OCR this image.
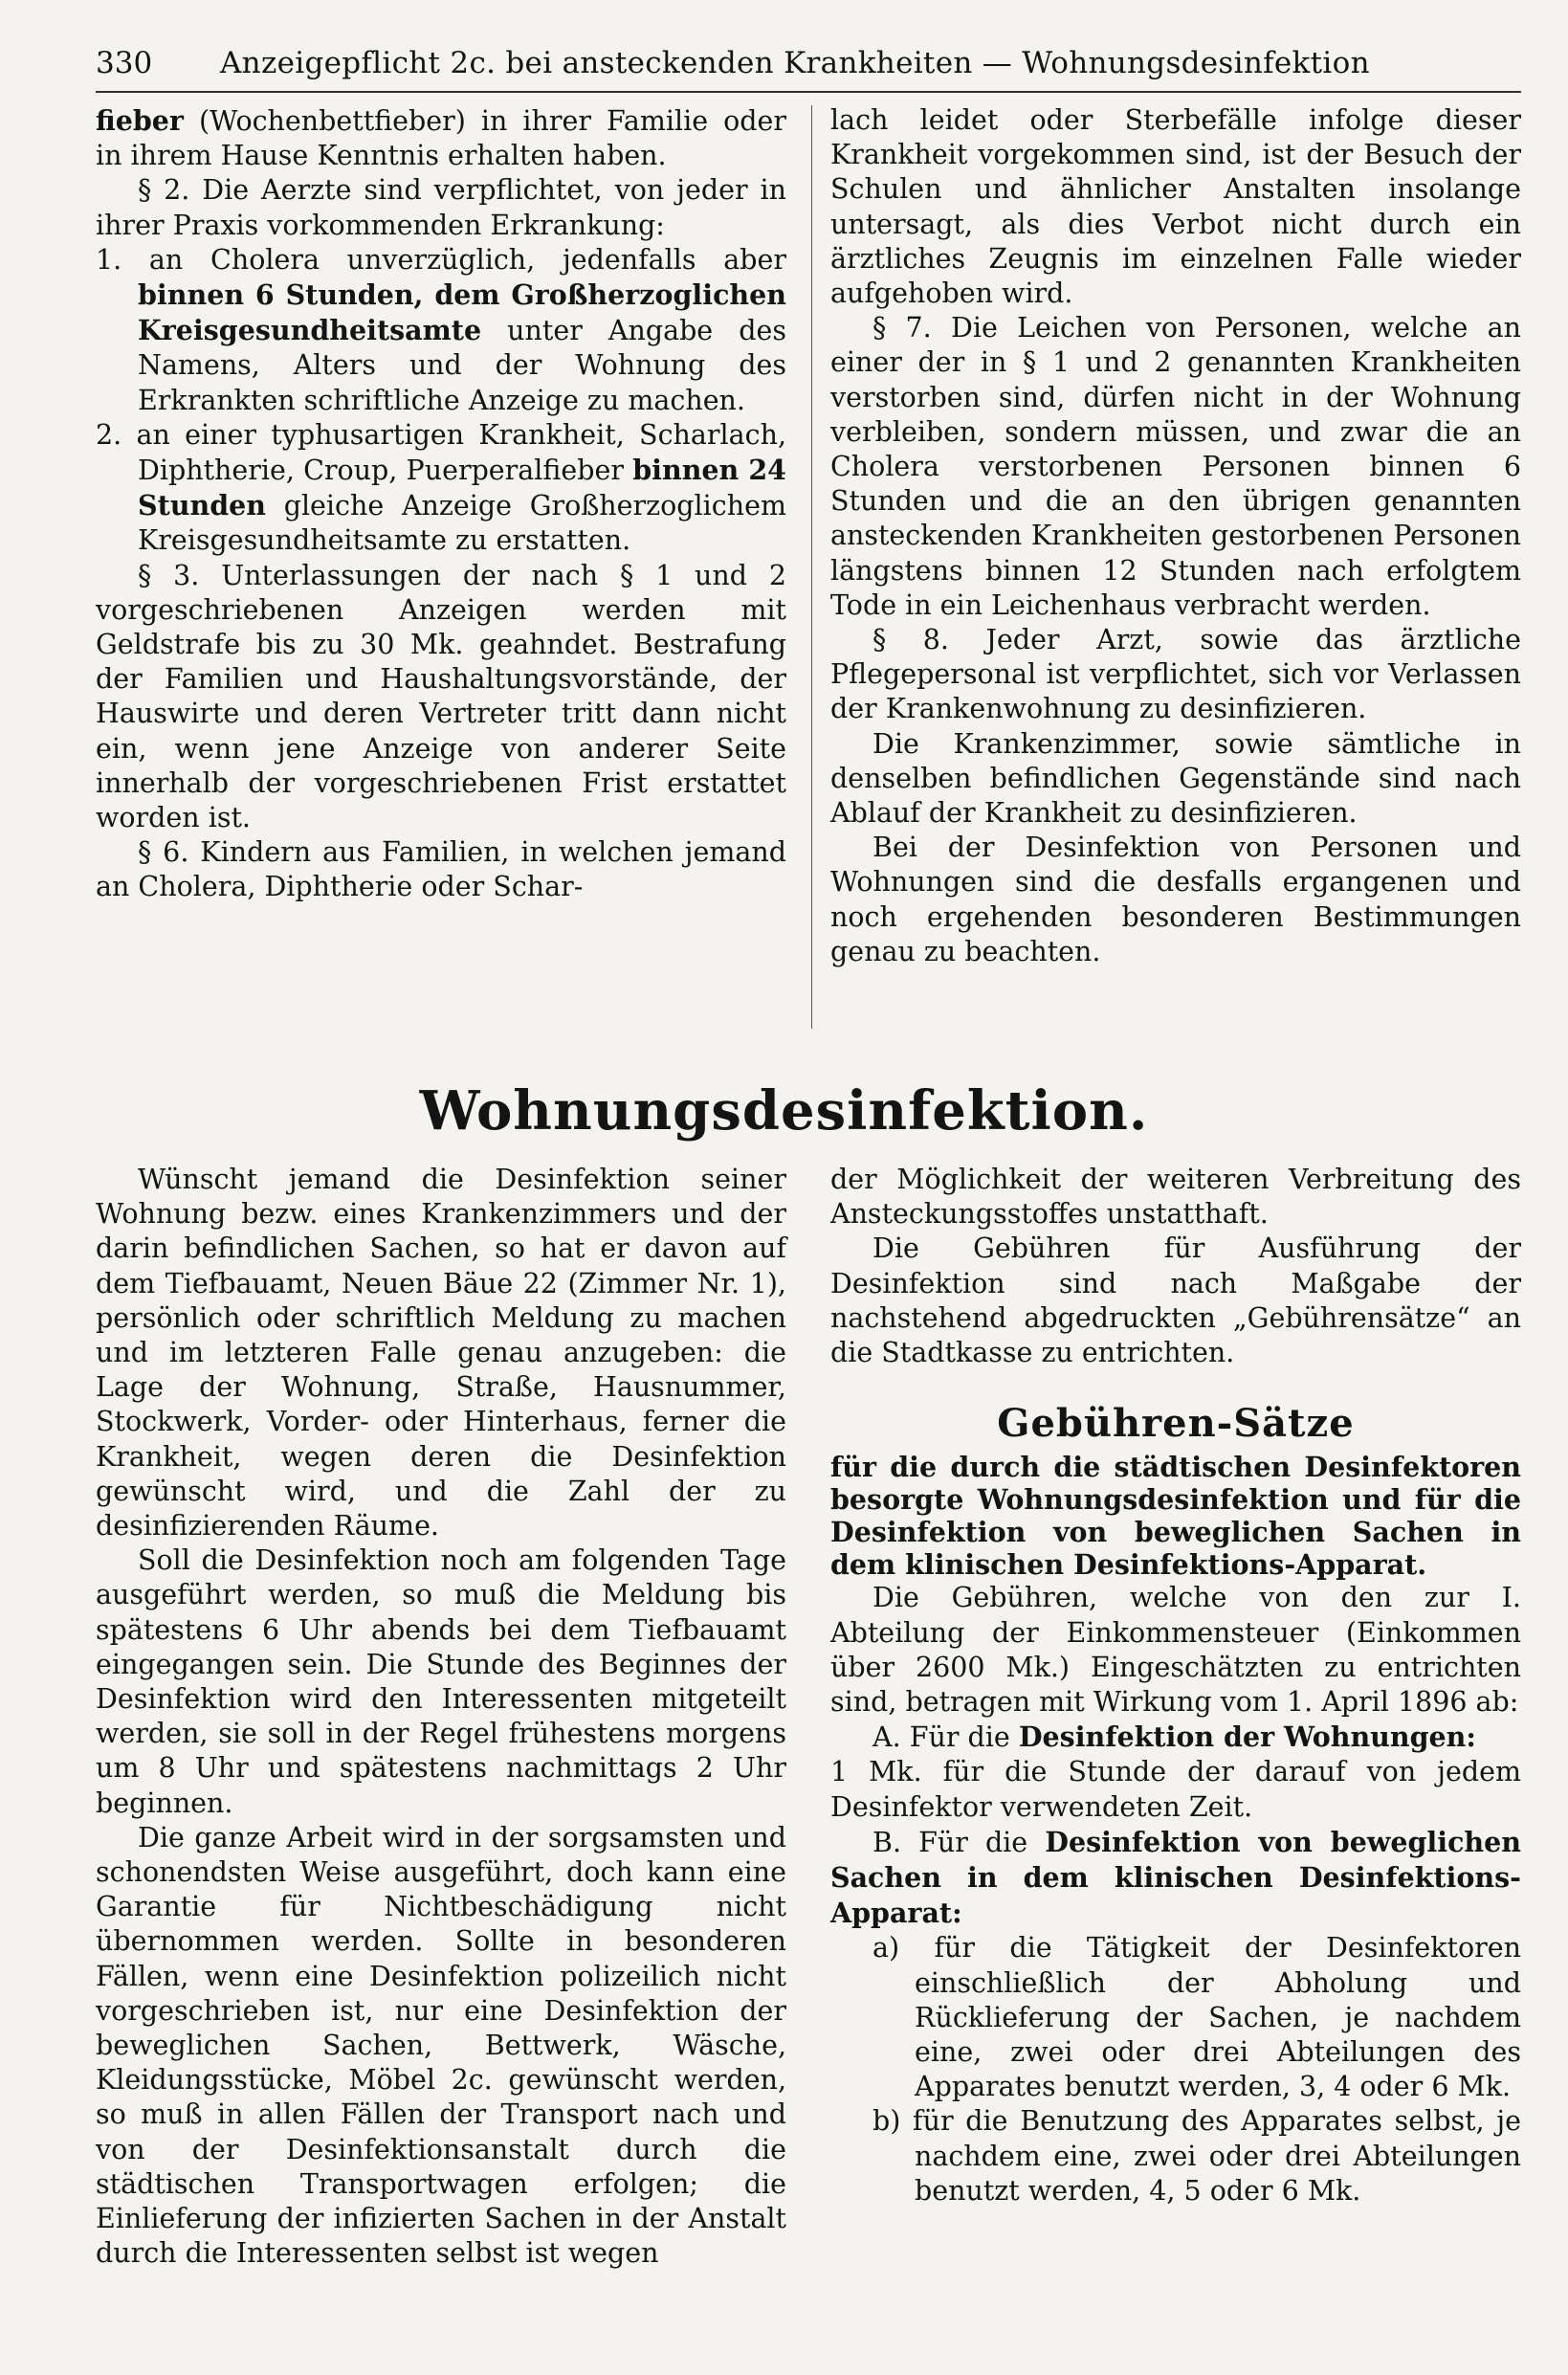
330 Anzeigepflicht 2c. bei ansteckenden Krankheiten — Wohnungsdesinfektion

fieber (Wochenbettfieber) in ihrer Familie oder in ihrem Hause Kenntnis erhalten haben.

§ 2. Die Aerzte sind verpflichtet, von jeder in ihrer Praxis vorkommenden Erkrankung:

1. an Cholera unverzüglich, jedenfalls aber binnen 6 Stunden, dem Großherzoglichen Kreisgesundheitsamte unter Angabe des Namens, Alters und der Wohnung des Erkrankten schriftliche Anzeige zu machen.

2. an einer typhusartigen Krankheit, Scharlach, Diphtherie, Croup, Puerperalfieber binnen 24 Stunden gleiche Anzeige Großherzoglichem Kreisgesundheitsamte zu erstatten.

§ 3. Unterlassungen der nach § 1 und 2 vorgeschriebenen Anzeigen werden mit Geldstrafe bis zu 30 Mk. geahndet. Bestrafung der Familien und Haushaltungsvorstände, der Hauswirte und deren Vertreter tritt dann nicht ein, wenn jene Anzeige von anderer Seite innerhalb der vorgeschriebenen Frist erstattet worden ist.

§ 6. Kindern aus Familien, in welchen jemand an Cholera, Diphtherie oder Schar-

lach leidet oder Sterbefälle infolge dieser Krankheit vorgekommen sind, ist der Besuch der Schulen und ähnlicher Anstalten insolange untersagt, als dies Verbot nicht durch ein ärztliches Zeugnis im einzelnen Falle wieder aufgehoben wird.

§ 7. Die Leichen von Personen, welche an einer der in § 1 und 2 genannten Krankheiten verstorben sind, dürfen nicht in der Wohnung verbleiben, sondern müssen, und zwar die an Cholera verstorbenen Personen binnen 6 Stunden und die an den übrigen genannten ansteckenden Krankheiten gestorbenen Personen längstens binnen 12 Stunden nach erfolgtem Tode in ein Leichenhaus verbracht werden.

§ 8. Jeder Arzt, sowie das ärztliche Pflegepersonal ist verpflichtet, sich vor Verlassen der Krankenwohnung zu desinfizieren.

Die Krankenzimmer, sowie sämtliche in denselben befindlichen Gegenstände sind nach Ablauf der Krankheit zu desinfizieren.

Bei der Desinfektion von Personen und Wohnungen sind die desfalls ergangenen und noch ergehenden besonderen Bestimmungen genau zu beachten.

Wohnungsdesinfektion.

Wünscht jemand die Desinfektion seiner Wohnung bezw. eines Krankenzimmers und der darin befindlichen Sachen, so hat er davon auf dem Tiefbauamt, Neuen Bäue 22 (Zimmer Nr. 1), persönlich oder schriftlich Meldung zu machen und im letzteren Falle genau anzugeben: die Lage der Wohnung, Straße, Hausnummer, Stockwerk, Vorder- oder Hinterhaus, ferner die Krankheit, wegen deren die Desinfektion gewünscht wird, und die Zahl der zu desinfizierenden Räume.

Soll die Desinfektion noch am folgenden Tage ausgeführt werden, so muß die Meldung bis spätestens 6 Uhr abends bei dem Tiefbauamt eingegangen sein. Die Stunde des Beginnes der Desinfektion wird den Interessenten mitgeteilt werden, sie soll in der Regel frühestens morgens um 8 Uhr und spätestens nachmittags 2 Uhr beginnen.

Die ganze Arbeit wird in der sorgsamsten und schonendsten Weise ausgeführt, doch kann eine Garantie für Nichtbeschädigung nicht übernommen werden. Sollte in besonderen Fällen, wenn eine Desinfektion polizeilich nicht vorgeschrieben ist, nur eine Desinfektion der beweglichen Sachen, Bettwerk, Wäsche, Kleidungsstücke, Möbel 2c. gewünscht werden, so muß in allen Fällen der Transport nach und von der Desinfektionsanstalt durch die städtischen Transportwagen erfolgen; die Einlieferung der infizierten Sachen in der Anstalt durch die Interessenten selbst ist wegen

der Möglichkeit der weiteren Verbreitung des Ansteckungsstoffes unstatthaft.

Die Gebühren für Ausführung der Desinfektion sind nach Maßgabe der nachstehend abgedruckten „Gebührensätze“ an die Stadtkasse zu entrichten.

Gebühren-Sätze

für die durch die städtischen Desinfektoren besorgte Wohnungsdesinfektion und für die Desinfektion von beweglichen Sachen in dem klinischen Desinfektions-Apparat.

Die Gebühren, welche von den zur I. Abteilung der Einkommensteuer (Einkommen über 2600 Mk.) Eingeschätzten zu entrichten sind, betragen mit Wirkung vom 1. April 1896 ab:

A. Für die Desinfektion der Wohnungen:

1 Mk. für die Stunde der darauf von jedem Desinfektor verwendeten Zeit.

B. Für die Desinfektion von beweglichen Sachen in dem klinischen Desinfektions-Apparat:

a) für die Tätigkeit der Desinfektoren einschließlich der Abholung und Rücklieferung der Sachen, je nachdem eine, zwei oder drei Abteilungen des Apparates benutzt werden, 3, 4 oder 6 Mk.

b) für die Benutzung des Apparates selbst, je nachdem eine, zwei oder drei Abteilungen benutzt werden, 4, 5 oder 6 Mk.
